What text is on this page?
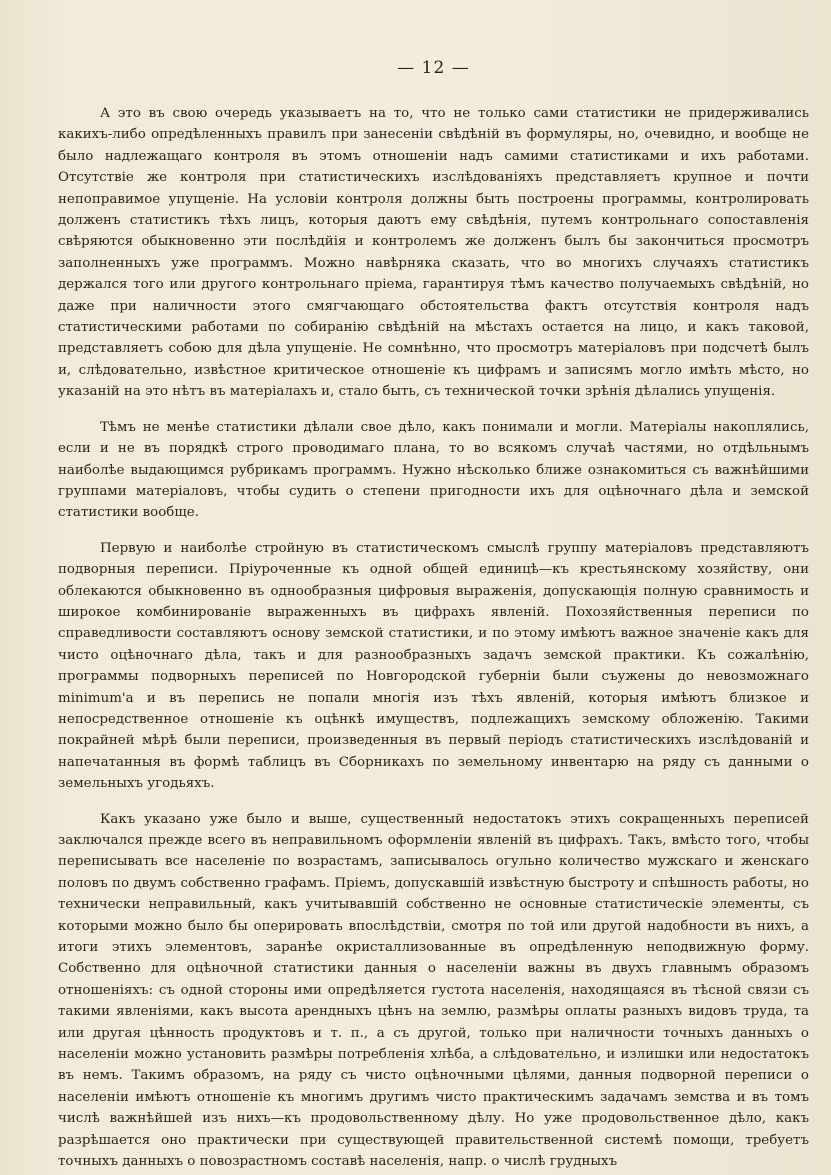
— 12 —

А это въ свою очередь указываетъ на то, что не только сами статистики не придерживались какихъ-либо опредѣленныхъ правилъ при занесеніи свѣдѣній въ формуляры, но, очевидно, и вообще не было надлежащаго контроля въ этомъ отношеніи надъ самими статистиками и ихъ работами. Отсутствіе же контроля при статистическихъ изслѣдованіяхъ представляетъ крупное и почти непоправимое упущеніе. На условіи контроля должны быть построены программы, контролировать долженъ статистикъ тѣхъ лицъ, которыя даютъ ему свѣдѣнія, путемъ контрольнаго сопоставленія свѣряются обыкновенно эти послѣдйія и контролемъ же долженъ былъ бы закончиться просмотръ заполненныхъ уже программъ. Можно навѣрняка сказать, что во многихъ случаяхъ статистикъ держался того или другого контрольнаго пріема, гарантируя тѣмъ качество получаемыхъ свѣдѣній, но даже при наличности этого смягчающаго обстоятельства фактъ отсутствія контроля надъ статистическими работами по собиранію свѣдѣній на мѣстахъ остается на лицо, и какъ таковой, представляетъ собою для дѣла упущеніе. Не сомнѣнно, что просмотръ матеріаловъ при подсчетѣ былъ и, слѣдовательно, извѣстное критическое отношеніе къ цифрамъ и записямъ могло имѣть мѣсто, но указаній на это нѣтъ въ матеріалахъ и, стало быть, съ технической точки зрѣнія дѣлались упущенія.

Тѣмъ не менѣе статистики дѣлали свое дѣло, какъ понимали и могли. Матеріалы накоплялись, если и не въ порядкѣ строго проводимаго плана, то во всякомъ случаѣ частями, но отдѣльнымъ наиболѣе выдающимся рубрикамъ программъ. Нужно нѣсколько ближе ознакомиться съ важнѣйшими группами матеріаловъ, чтобы судить о степени пригодности ихъ для оцѣночнаго дѣла и земской статистики вообще.

Первую и наиболѣе стройную въ статистическомъ смыслѣ группу матеріаловъ представляютъ подворныя переписи. Пріуроченные къ одной общей единицѣ—къ крестьянскому хозяйству, они облекаются обыкновенно въ однообразныя цифровыя выраженія, допускающія полную сравнимость и широкое комбинированіе выраженныхъ въ цифрахъ явленій. Похозяйственныя переписи по справедливости составляютъ основу земской статистики, и по этому имѣютъ важное значеніе какъ для чисто оцѣночнаго дѣла, такъ и для разнообразныхъ задачъ земской практики. Къ сожалѣнію, программы подворныхъ переписей по Новгородской губерніи были съужены до невозможнаго minimum'а и въ перепись не попали многія изъ тѣхъ явленій, которыя имѣютъ близкое и непосредственное отношеніе къ оцѣнкѣ имуществъ, подлежащихъ земскому обложенію. Такими покрайней мѣрѣ были переписи, произведенныя въ первый періодъ статистическихъ изслѣдованій и напечатанныя въ формѣ таблицъ въ Сборникахъ по земельному инвентарю на ряду съ данными о земельныхъ угодьяхъ.

Какъ указано уже было и выше, существенный недостатокъ этихъ сокращенныхъ переписей заключался прежде всего въ неправильномъ оформленіи явленій въ цифрахъ. Такъ, вмѣсто того, чтобы переписывать все населеніе по возрастамъ, записывалось огульно количество мужскаго и женскаго половъ по двумъ собственно графамъ. Пріемъ, допускавшій извѣстную быстроту и спѣшность работы, но технически неправильный, какъ учитывавшій собственно не основные статистическіе элементы, съ которыми можно было бы оперировать впослѣдствіи, смотря по той или другой надобности въ нихъ, а итоги этихъ элементовъ, заранѣе окристаллизованные въ опредѣленную неподвижную форму. Собственно для оцѣночной статистики данныя о населеніи важны въ двухъ главнымъ образомъ отношеніяхъ: съ одной стороны ими опредѣляется густота населенія, находящаяся въ тѣсной связи съ такими явленіями, какъ высота арендныхъ цѣнъ на землю, размѣры оплаты разныхъ видовъ труда, та или другая цѣнность продуктовъ и т. п., а съ другой, только при наличности точныхъ данныхъ о населеніи можно установить размѣры потребленія хлѣба, а слѣдовательно, и излишки или недостатокъ въ немъ. Такимъ образомъ, на ряду съ чисто оцѣночными цѣлями, данныя подворной переписи о населеніи имѣютъ отношеніе къ многимъ другимъ чисто практическимъ задачамъ земства и въ томъ числѣ важнѣйшей изъ нихъ—къ продовольственному дѣлу. Но уже продовольственное дѣло, какъ разрѣшается оно практически при существующей правительственной системѣ помощи, требуетъ точныхъ данныхъ о повозрастномъ составѣ населенія, напр. о числѣ грудныхъ
